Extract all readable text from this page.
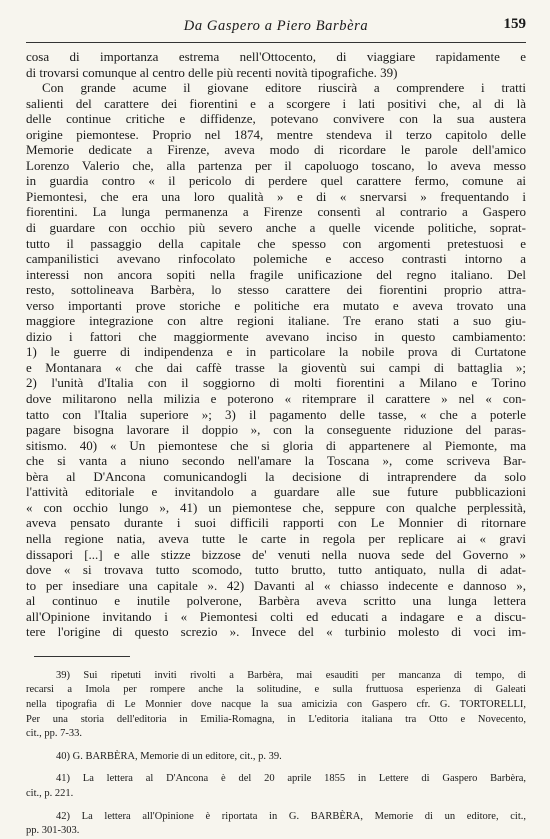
Da Gaspero a Piero Barbèra	159
cosa di importanza estrema nell'Ottocento, di viaggiare rapidamente e
di trovarsi comunque al centro delle più recenti novità tipografiche. 39)
Con grande acume il giovane editore riuscirà a comprendere i tratti
salienti del carattere dei fiorentini e a scorgere i lati positivi che, al di là
delle continue critiche e diffidenze, potevano convivere con la sua austera
origine piemontese. Proprio nel 1874, mentre stendeva il terzo capitolo delle
Memorie dedicate a Firenze, aveva modo di ricordare le parole dell'amico
Lorenzo Valerio che, alla partenza per il capoluogo toscano, lo aveva messo
in guardia contro « il pericolo di perdere quel carattere fermo, comune ai
Piemontesi, che era una loro qualità » e di « snervarsi » frequentando i
fiorentini. La lunga permanenza a Firenze consentì al contrario a Gaspero
di guardare con occhio più severo anche a quelle vicende politiche, soprat-
tutto il passaggio della capitale che spesso con argomenti pretestuosi e
campanilistici avevano rinfocolato polemiche e acceso contrasti intorno a
interessi non ancora sopiti nella fragile unificazione del regno italiano. Del
resto, sottolineava Barbèra, lo stesso carattere dei fiorentini proprio attra-
verso importanti prove storiche e politiche era mutato e aveva trovato una
maggiore integrazione con altre regioni italiane. Tre erano stati a suo giu-
dizio i fattori che maggiormente avevano inciso in questo cambiamento:
1) le guerre di indipendenza e in particolare la nobile prova di Curtatone
e Montanara « che dai caffè trasse la gioventù sui campi di battaglia »;
2) l'unità d'Italia con il soggiorno di molti fiorentini a Milano e Torino
dove militarono nella milizia e poterono « ritemprare il carattere » nel « con-
tatto con l'Italia superiore »; 3) il pagamento delle tasse, « che a poterle
pagare bisogna lavorare il doppio », con la conseguente riduzione del paras-
sitismo. 40) « Un piemontese che si gloria di appartenere al Piemonte, ma
che si vanta a niuno secondo nell'amare la Toscana », come scriveva Bar-
bèra al D'Ancona comunicandogli la decisione di intraprendere da solo
l'attività editoriale e invitandolo a guardare alle sue future pubblicazioni
« con occhio lungo », 41) un piemontese che, seppure con qualche perplessità,
aveva pensato durante i suoi difficili rapporti con Le Monnier di ritornare
nella regione natia, aveva tutte le carte in regola per replicare ai « gravi
dissapori [...] e alle stizze bizzose de' venuti nella nuova sede del Governo »
dove « si trovava tutto scomodo, tutto brutto, tutto antiquato, nulla di adat-
to per insediare una capitale ». 42) Davanti al « chiasso indecente e dannoso »,
al continuo e inutile polverone, Barbèra aveva scritto una lunga lettera
all'Opinione invitando i « Piemontesi colti ed educati a indagare e a discu-
tere l'origine di questo screzio ». Invece del « turbinio molesto di voci im-
39) Sui ripetuti inviti rivolti a Barbèra, mai esauditi per mancanza di tempo, di
recarsi a Imola per rompere anche la solitudine, e sulla fruttuosa esperienza di Galeati
nella tipografia di Le Monnier dove nacque la sua amicizia con Gaspero cfr. G. TORTORELLI,
Per una storia dell'editoria in Emilia-Romagna, in L'editoria italiana tra Otto e Novecento,
cit., pp. 7-33.
40) G. BARBÈRA, Memorie di un editore, cit., p. 39.
41) La lettera al D'Ancona è del 20 aprile 1855 in Lettere di Gaspero Barbèra,
cit., p. 221.
42) La lettera all'Opinione è riportata in G. BARBÈRA, Memorie di un editore, cit.,
pp. 301-303.
